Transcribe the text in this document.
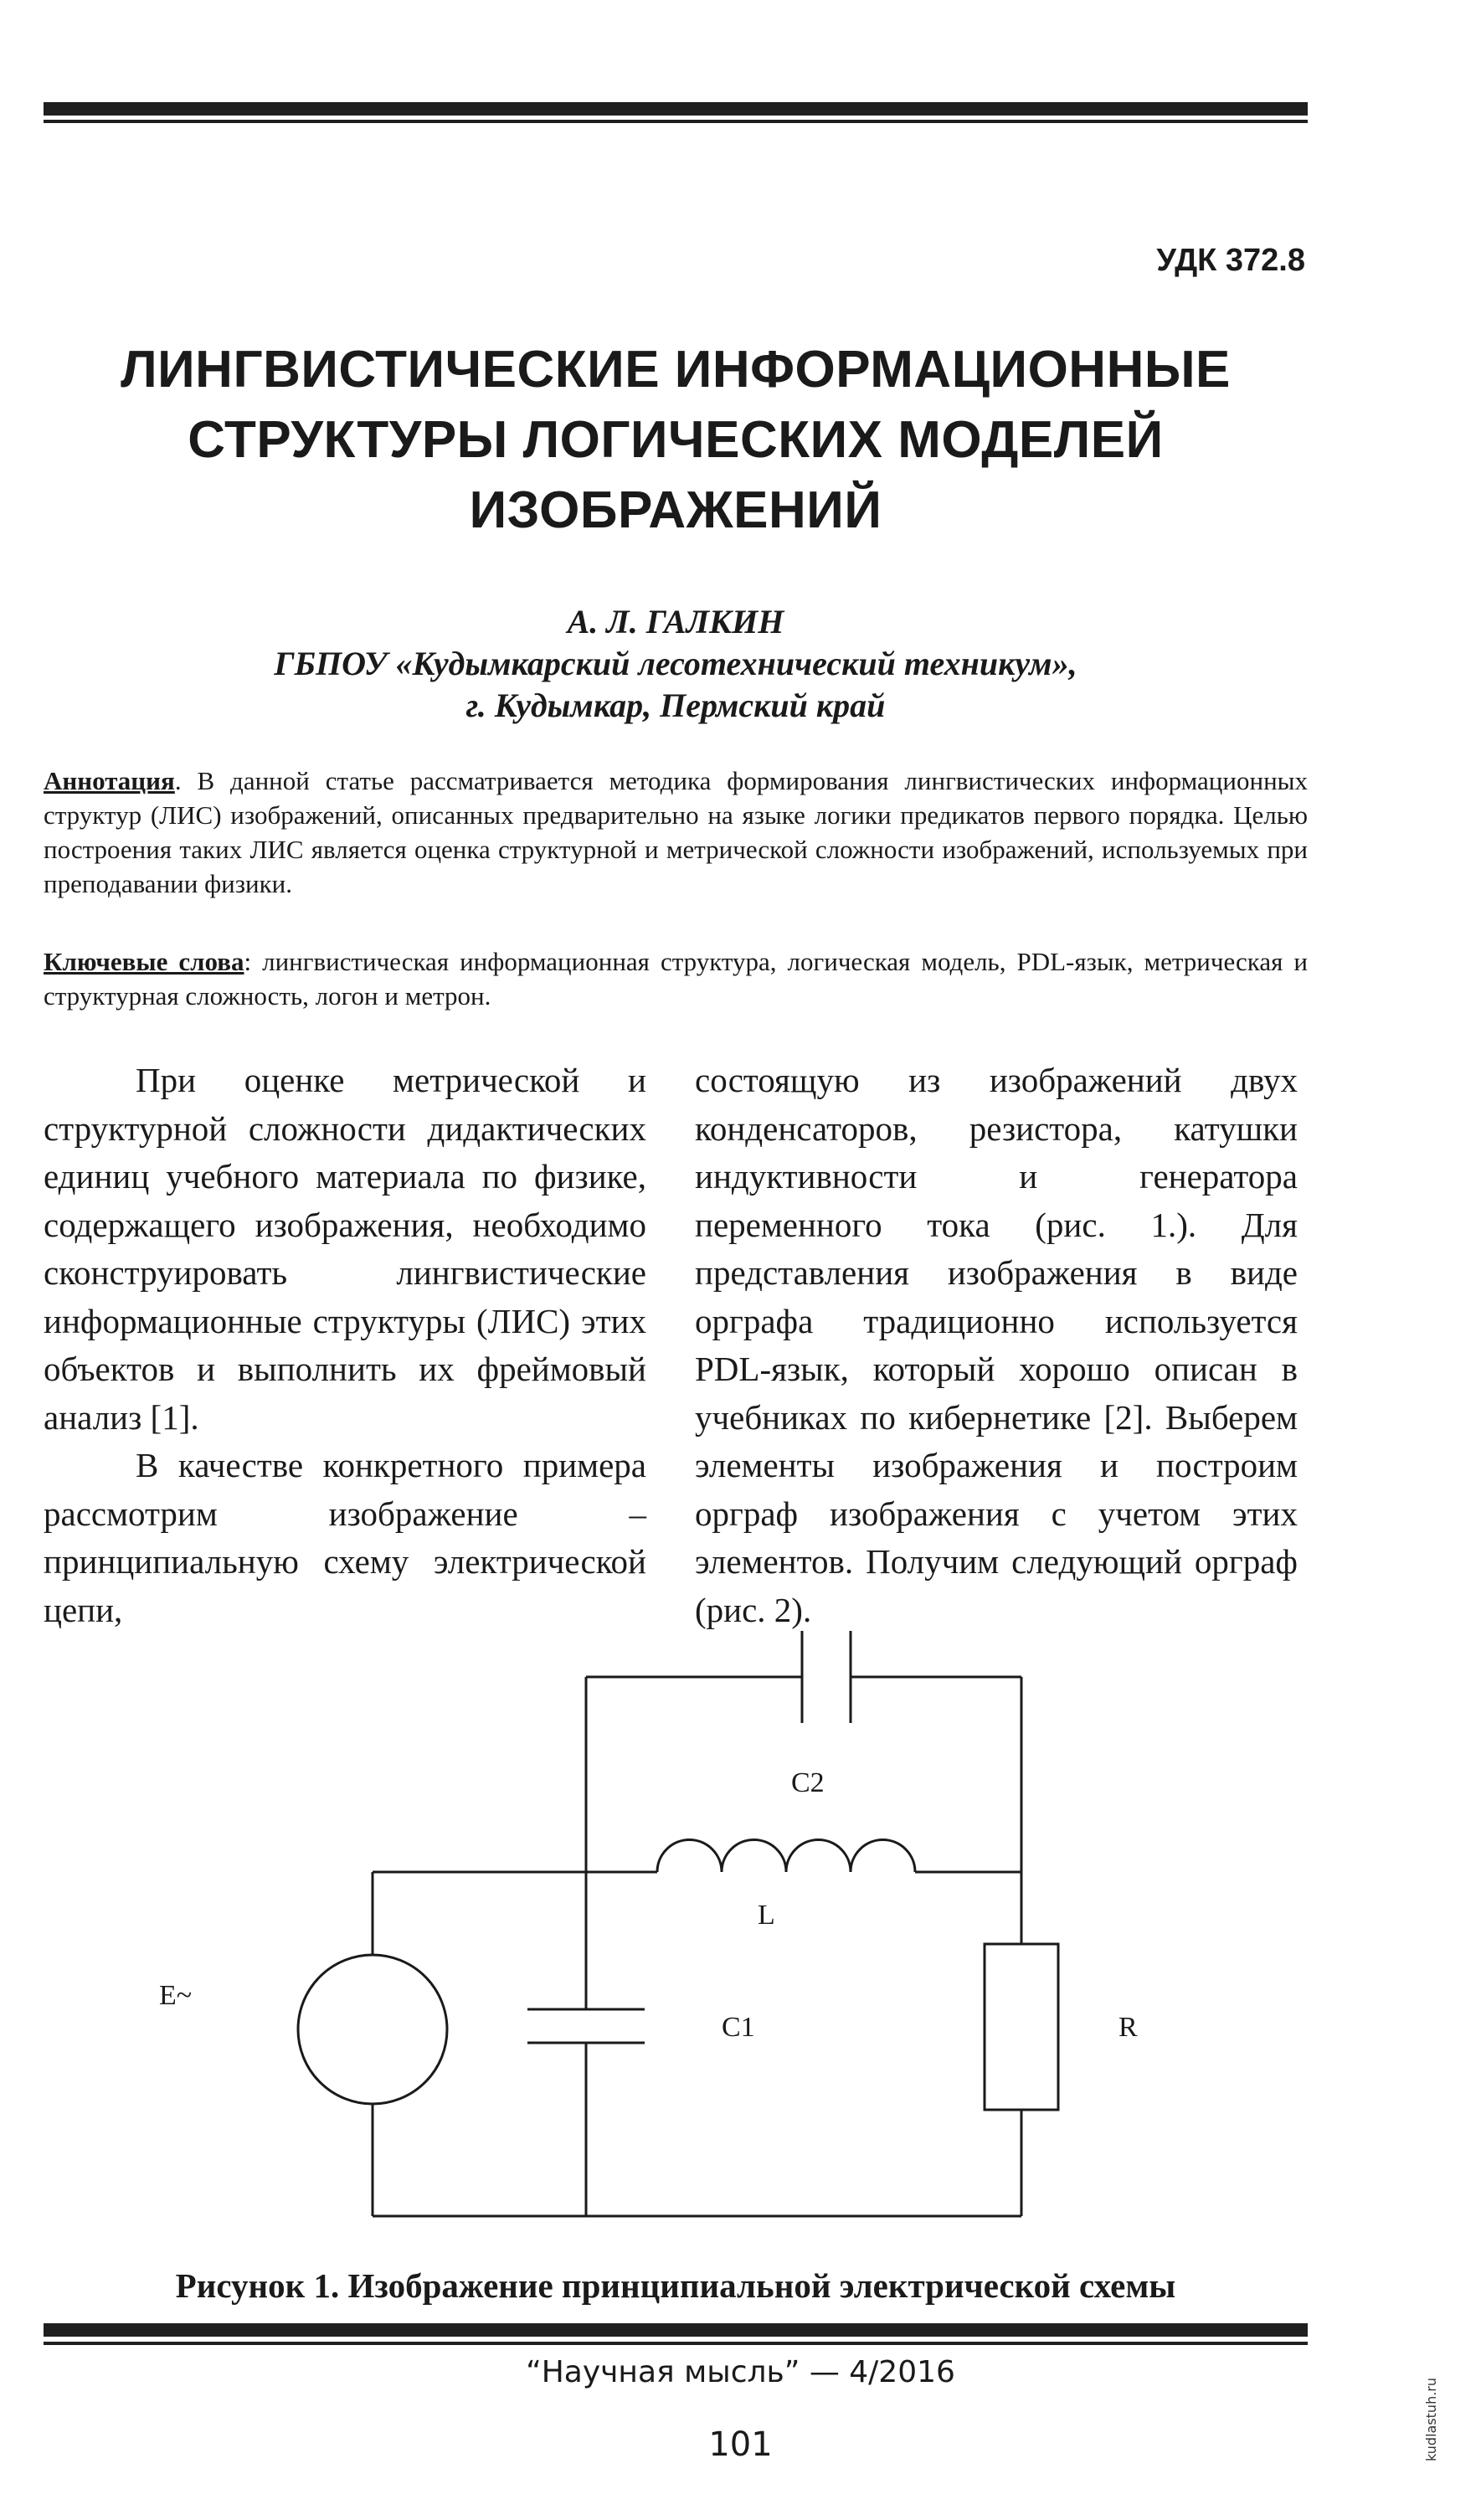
УДК 372.8
ЛИНГВИСТИЧЕСКИЕ ИНФОРМАЦИОННЫЕ
СТРУКТУРЫ ЛОГИЧЕСКИХ МОДЕЛЕЙ
ИЗОБРАЖЕНИЙ
А. Л. ГАЛКИН
ГБПОУ «Кудымкарский лесотехнический техникум»,
г. Кудымкар, Пермский край

Аннотация. В данной статье рассматривается методика формирования лингвистических информационных структур (ЛИС) изображений, описанных предварительно на языке логики предикатов первого порядка. Целью построения таких ЛИС является оценка структурной и метрической сложности изображений, используемых при преподавании физики.

Ключевые слова: лингвистическая информационная структура, логическая модель, PDL-язык, метрическая и структурная сложность, логон и метрон.

При оценке метрической и структурной сложности дидактических единиц учебного материала по физике, содержащего изображения, необходимо сконструировать лингвистические информационные структуры (ЛИС) этих объектов и выполнить их фреймовый анализ [1].

В качестве конкретного примера рассмотрим изображение – принципиальную схему электрической цепи,

состоящую из изображений двух конденсаторов, резистора, катушки индуктивности и генератора переменного тока (рис. 1.). Для представления изображения в виде орграфа традиционно используется PDL-язык, который хорошо описан в учебниках по кибернетике [2]. Выберем элементы изображения и построим орграф изображения с учетом этих элементов. Получим следующий орграф (рис. 2).

C2
L
E~
C1	R
Рисунок 1. Изображение принципиальной электрической схемы
“Научная мысль” — 4/2016
101	kudlastuh.ru
